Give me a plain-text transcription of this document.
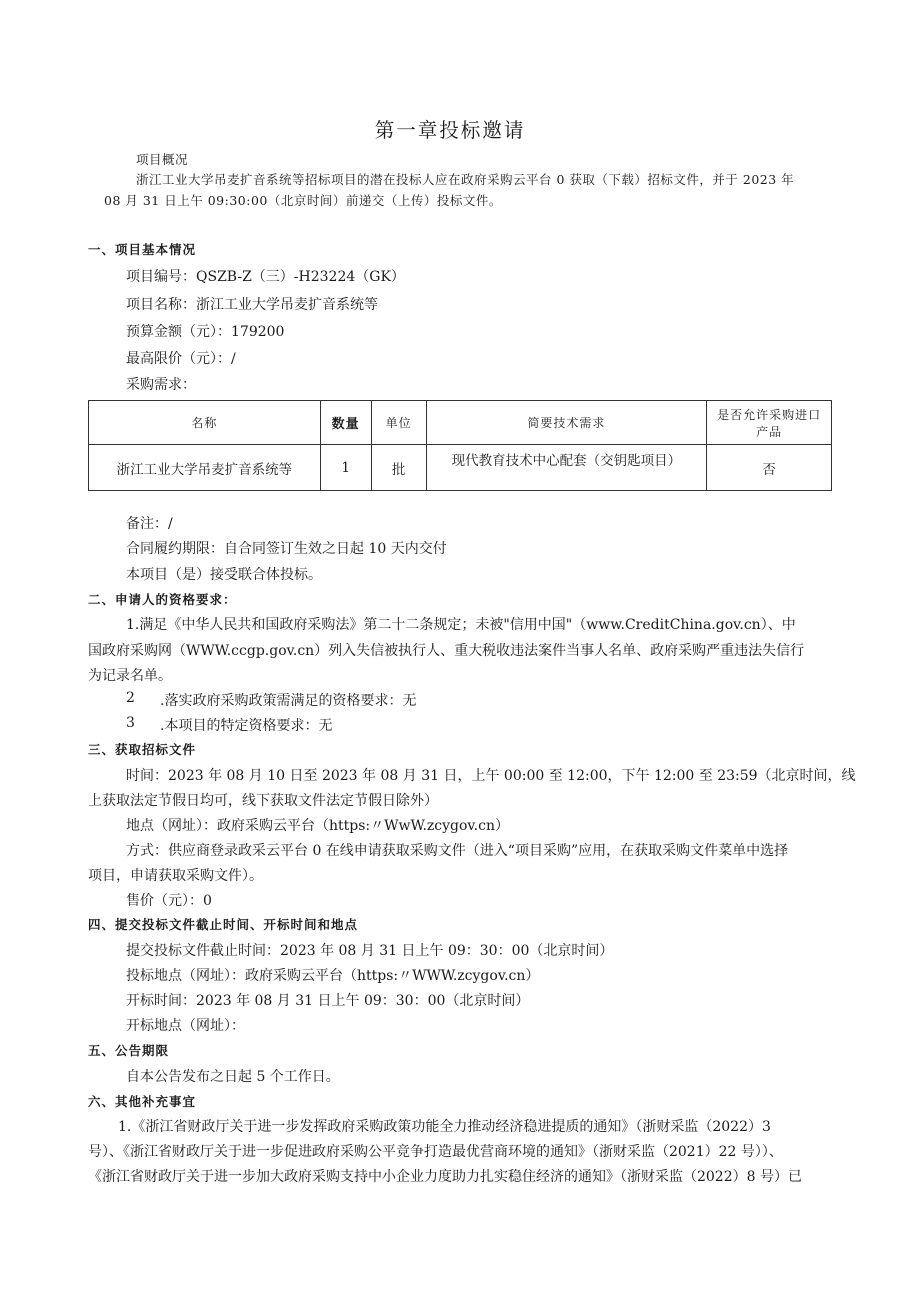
第一章投标邀请
项目概况
浙江工业大学吊麦扩音系统等招标项目的潜在投标人应在政府采购云平台 0 获取（下载）招标文件，并于 2023 年
08 月 31 日上午 09:30:00（北京时间）前递交（上传）投标文件。
一、项目基本情况
项目编号：QSZB-Z（三）-H23224（GK）
项目名称：浙江工业大学吊麦扩音系统等
预算金额（元）：179200
最高限价（元）：/
采购需求：
名称	数量	单位	简要技术需求	是否允许采购进口
产品
浙江工业大学吊麦扩音系统等	1	批	现代教育技术中心配套（交钥匙项目）	否
备注：/
合同履约期限：自合同签订生效之日起 10 天内交付
本项目（是）接受联合体投标。
二、申请人的资格要求：
1.满足《中华人民共和国政府采购法》第二十二条规定；未被"信用中国"（www.CreditChina.gov.cn）、中
国政府采购网（WWW.ccgp.gov.cn）列入失信被执行人、重大税收违法案件当事人名单、政府采购严重违法失信行
为记录名单。
2 .落实政府采购政策需满足的资格要求：无
3 .本项目的特定资格要求：无
三、获取招标文件
时间：2023 年 08 月 10 日至 2023 年 08 月 31 日，上午 00:00 至 12:00，下午 12:00 至 23:59（北京时间，线
上获取法定节假日均可，线下获取文件法定节假日除外）
地点（网址）：政府采购云平台（https:〃WwW.zcygov.cn）
方式：供应商登录政采云平台 0 在线申请获取采购文件（进入“项目采购”应用，在获取采购文件菜单中选择
项目，申请获取采购文件）。
售价（元）：0
四、提交投标文件截止时间、开标时间和地点
提交投标文件截止时间：2023 年 08 月 31 日上午 09：30：00（北京时间）
投标地点（网址）：政府采购云平台（https:〃WWW.zcygov.cn）
开标时间：2023 年 08 月 31 日上午 09：30：00（北京时间）
开标地点（网址）：
五、公告期限
自本公告发布之日起 5 个工作日。
六、其他补充事宜
1.《浙江省财政厅关于进一步发挥政府采购政策功能全力推动经济稳进提质的通知》（浙财采监（2022）3
号）、《浙江省财政厅关于进一步促进政府采购公平竞争打造最优营商环境的通知》（浙财采监（2021）22 号））、
《浙江省财政厅关于进一步加大政府采购支持中小企业力度助力扎实稳住经济的通知》（浙财采监（2022）8 号）已
